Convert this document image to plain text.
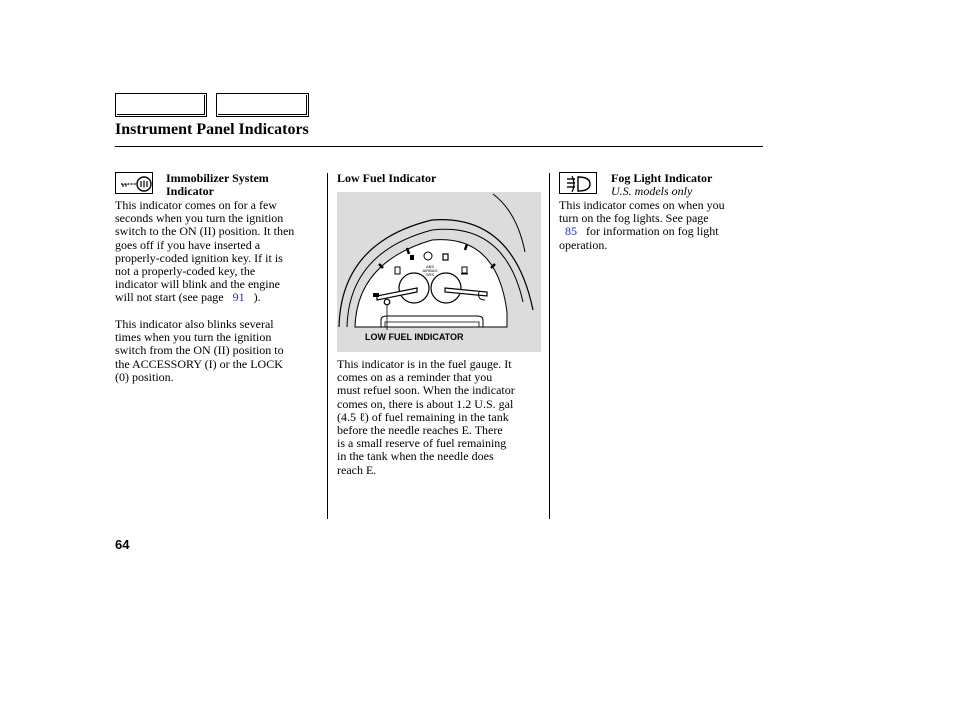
Instrument Panel Indicators
Immobilizer System
Indicator
This indicator comes on for a few
seconds when you turn the ignition
switch to the ON (II) position. It then
goes off if you have inserted a
properly-coded ignition key. If it is
not a properly-coded key, the
indicator will blink and the engine
will not start (see page 91 ).
This indicator also blinks several
times when you turn the ignition
switch from the ON (II) position to
the ACCESSORY (I) or the LOCK
(0) position.
Low Fuel Indicator
ABS
AIRBAG
SRS
LOW FUEL INDICATOR
This indicator is in the fuel gauge. It
comes on as a reminder that you
must refuel soon. When the indicator
comes on, there is about 1.2 U.S. gal
(4.5 ℓ) of fuel remaining in the tank
before the needle reaches E. There
is a small reserve of fuel remaining
in the tank when the needle does
reach E.
Fog Light Indicator
U.S. models only
This indicator comes on when you
turn on the fog lights. See page
85 for information on fog light
operation.
64
